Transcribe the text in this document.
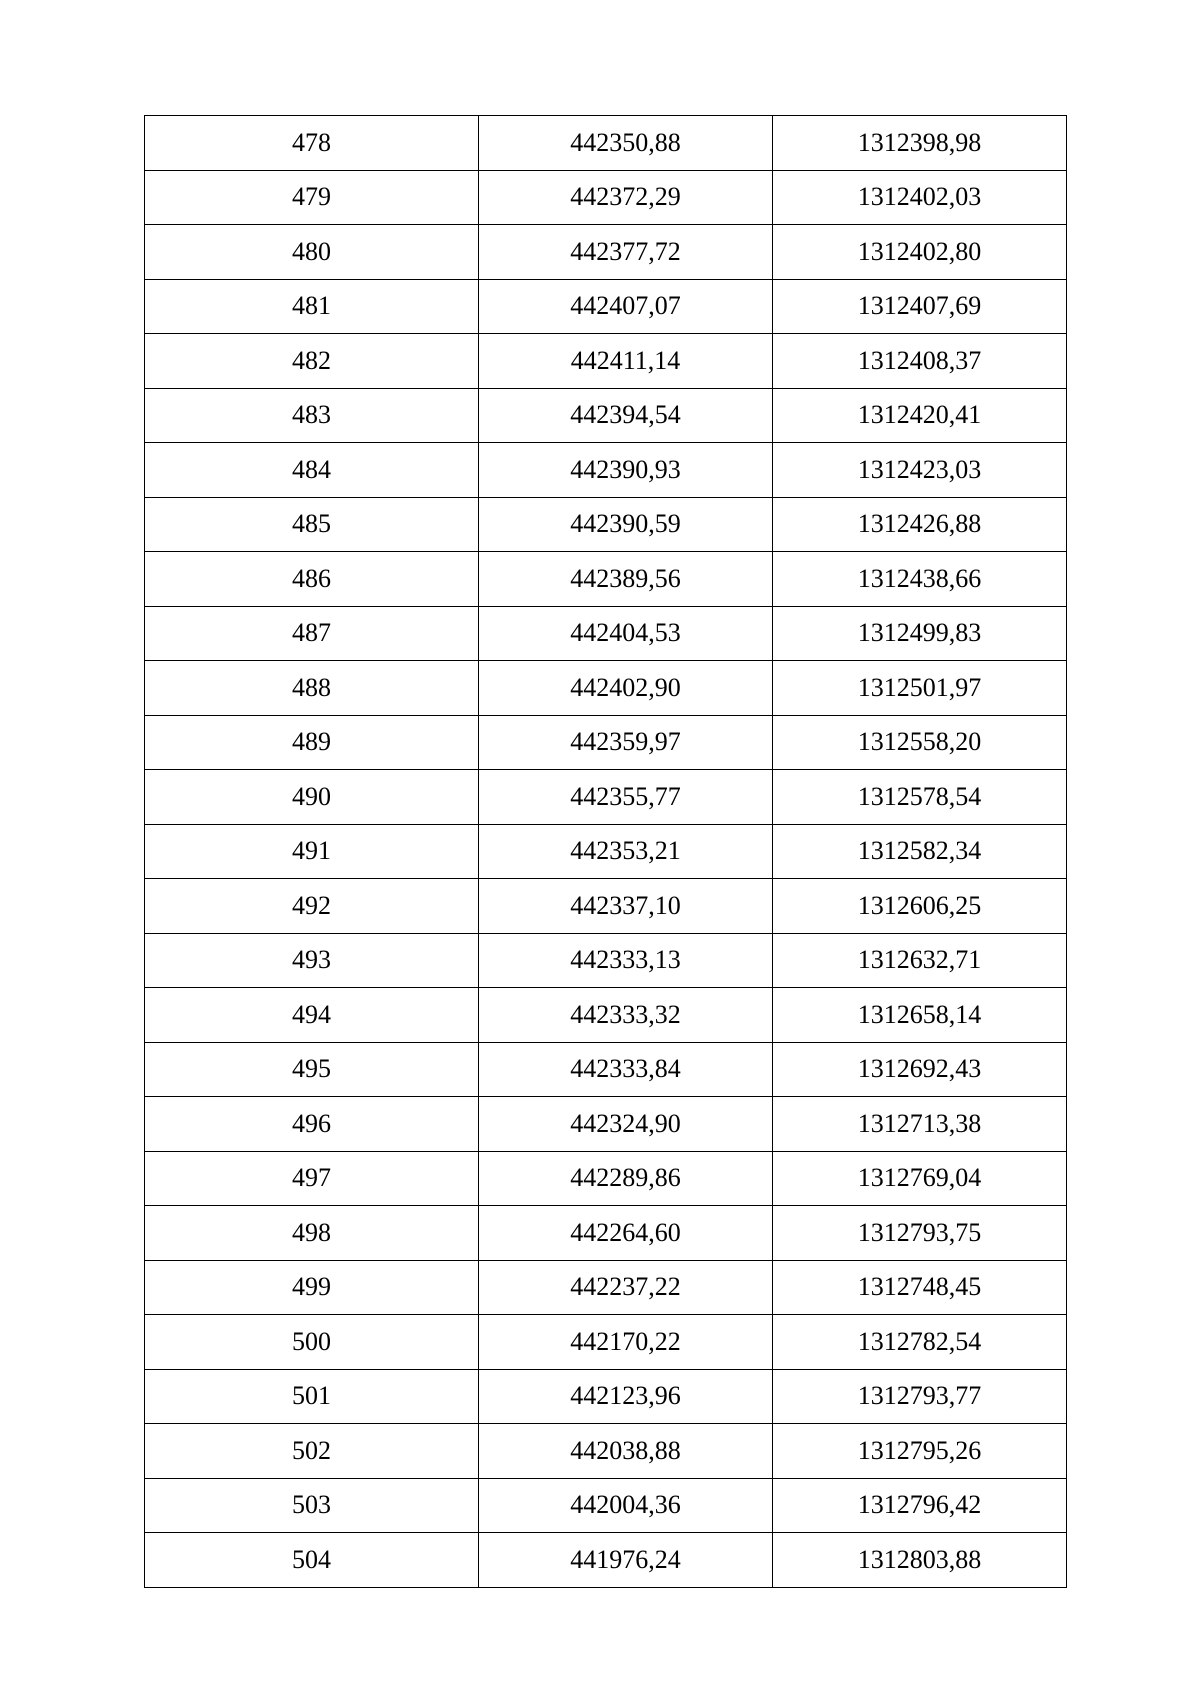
478	442350,88	1312398,98
479	442372,29	1312402,03
480	442377,72	1312402,80
481	442407,07	1312407,69
482	442411,14	1312408,37
483	442394,54	1312420,41
484	442390,93	1312423,03
485	442390,59	1312426,88
486	442389,56	1312438,66
487	442404,53	1312499,83
488	442402,90	1312501,97
489	442359,97	1312558,20
490	442355,77	1312578,54
491	442353,21	1312582,34
492	442337,10	1312606,25
493	442333,13	1312632,71
494	442333,32	1312658,14
495	442333,84	1312692,43
496	442324,90	1312713,38
497	442289,86	1312769,04
498	442264,60	1312793,75
499	442237,22	1312748,45
500	442170,22	1312782,54
501	442123,96	1312793,77
502	442038,88	1312795,26
503	442004,36	1312796,42
504	441976,24	1312803,88
